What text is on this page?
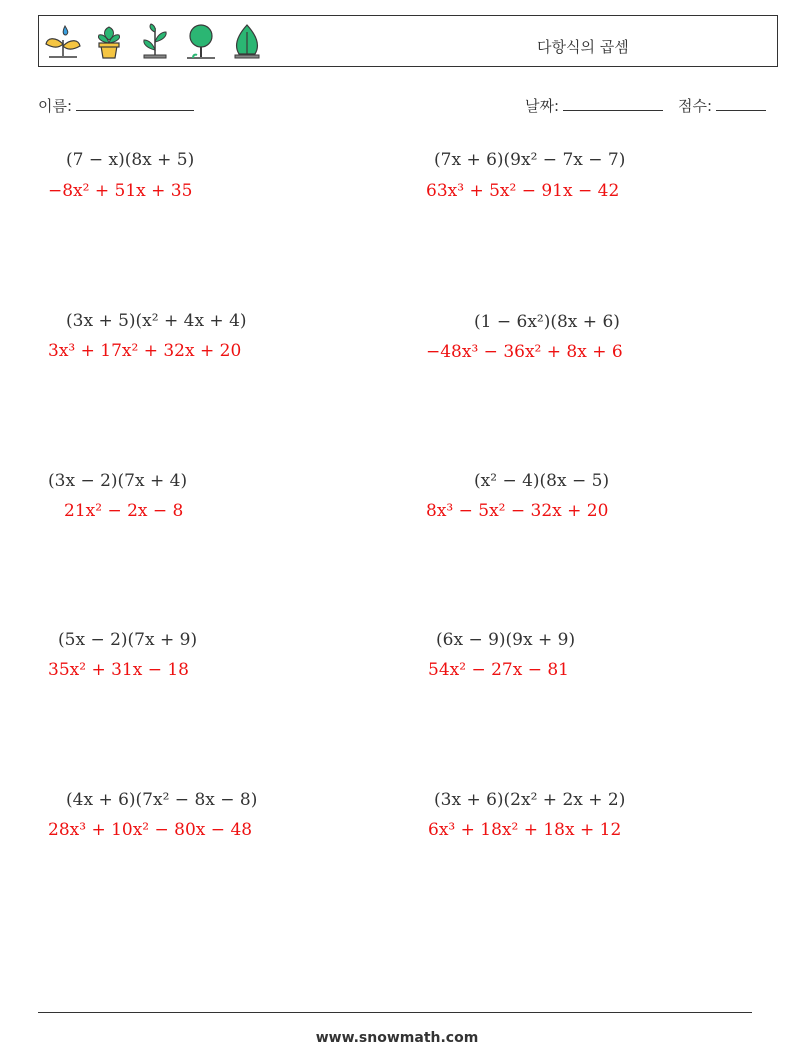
다항식의 곱셈
이름:	날짜:	점수:
(7 − x)(8x + 5)
−8x² + 51x + 35
(7x + 6)(9x² − 7x − 7)
63x³ + 5x² − 91x − 42
(3x + 5)(x² + 4x + 4)
3x³ + 17x² + 32x + 20
(1 − 6x²)(8x + 6)
−48x³ − 36x² + 8x + 6
(3x − 2)(7x + 4)
21x² − 2x − 8
(x² − 4)(8x − 5)
8x³ − 5x² − 32x + 20
(5x − 2)(7x + 9)
35x² + 31x − 18
(6x − 9)(9x + 9)
54x² − 27x − 81
(4x + 6)(7x² − 8x − 8)
28x³ + 10x² − 80x − 48
(3x + 6)(2x² + 2x + 2)
6x³ + 18x² + 18x + 12
www.snowmath.com
